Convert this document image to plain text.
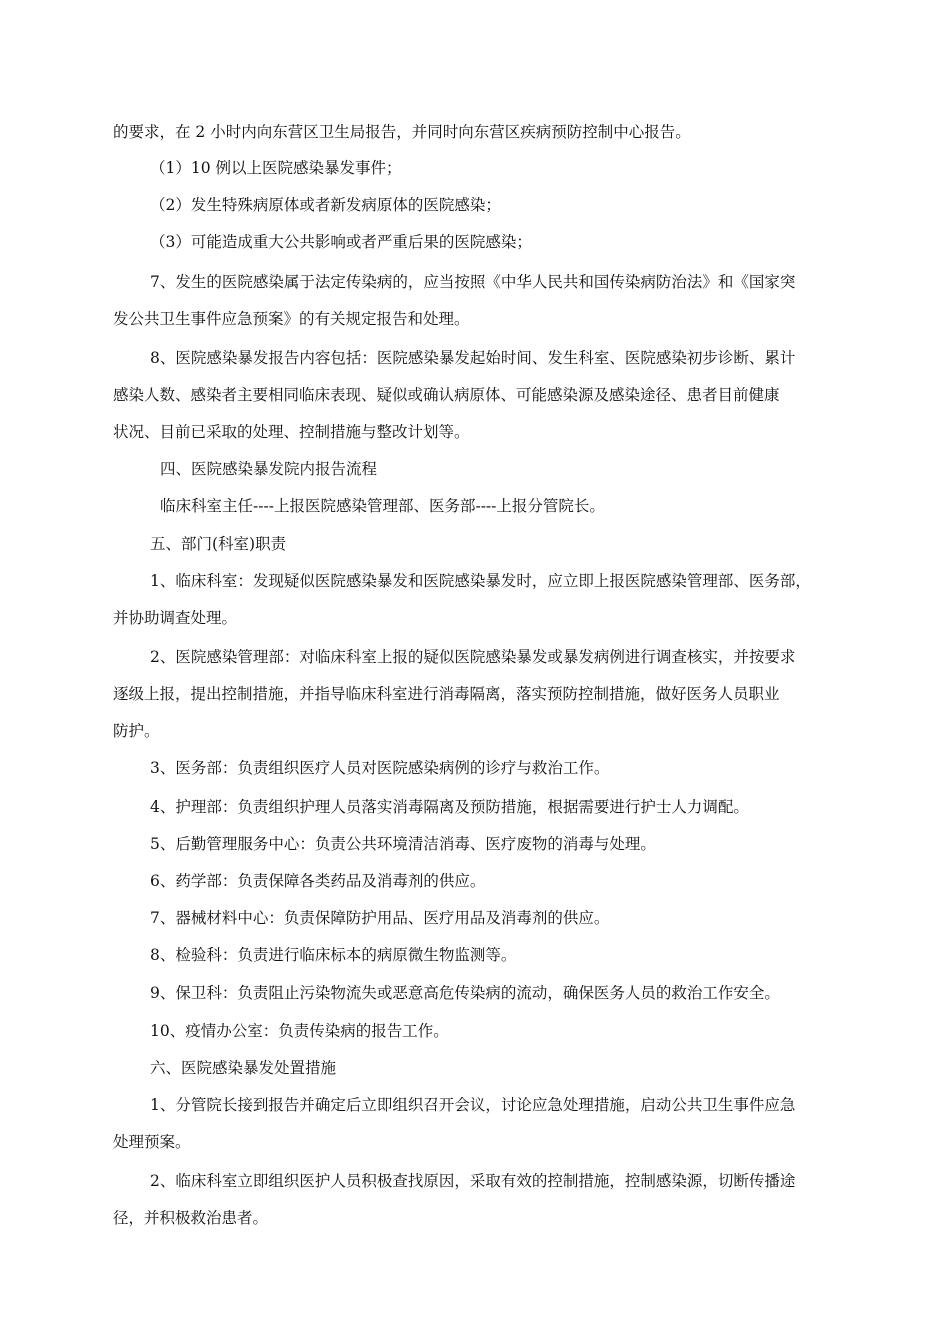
的要求，在 2 小时内向东营区卫生局报告，并同时向东营区疾病预防控制中心报告。
（1）10 例以上医院感染暴发事件；
（2）发生特殊病原体或者新发病原体的医院感染；
（3）可能造成重大公共影响或者严重后果的医院感染；
7、发生的医院感染属于法定传染病的，应当按照《中华人民共和国传染病防治法》和《国家突
发公共卫生事件应急预案》的有关规定报告和处理。
8、医院感染暴发报告内容包括：医院感染暴发起始时间、发生科室、医院感染初步诊断、累计
感染人数、感染者主要相同临床表现、疑似或确认病原体、可能感染源及感染途径、患者目前健康
状况、目前已采取的处理、控制措施与整改计划等。
四、医院感染暴发院内报告流程
临床科室主任----上报医院感染管理部、医务部----上报分管院长。
五、部门(科室)职责
1、临床科室：发现疑似医院感染暴发和医院感染暴发时，应立即上报医院感染管理部、医务部，
并协助调查处理。
2、医院感染管理部：对临床科室上报的疑似医院感染暴发或暴发病例进行调查核实，并按要求
逐级上报，提出控制措施，并指导临床科室进行消毒隔离，落实预防控制措施，做好医务人员职业
防护。
3、医务部：负责组织医疗人员对医院感染病例的诊疗与救治工作。
4、护理部：负责组织护理人员落实消毒隔离及预防措施，根据需要进行护士人力调配。
5、后勤管理服务中心：负责公共环境清洁消毒、医疗废物的消毒与处理。
6、药学部：负责保障各类药品及消毒剂的供应。
7、器械材料中心：负责保障防护用品、医疗用品及消毒剂的供应。
8、检验科：负责进行临床标本的病原微生物监测等。
9、保卫科：负责阻止污染物流失或恶意高危传染病的流动，确保医务人员的救治工作安全。
10、疫情办公室：负责传染病的报告工作。
六、医院感染暴发处置措施
1、分管院长接到报告并确定后立即组织召开会议，讨论应急处理措施，启动公共卫生事件应急
处理预案。
2、临床科室立即组织医护人员积极查找原因，采取有效的控制措施，控制感染源，切断传播途
径，并积极救治患者。
